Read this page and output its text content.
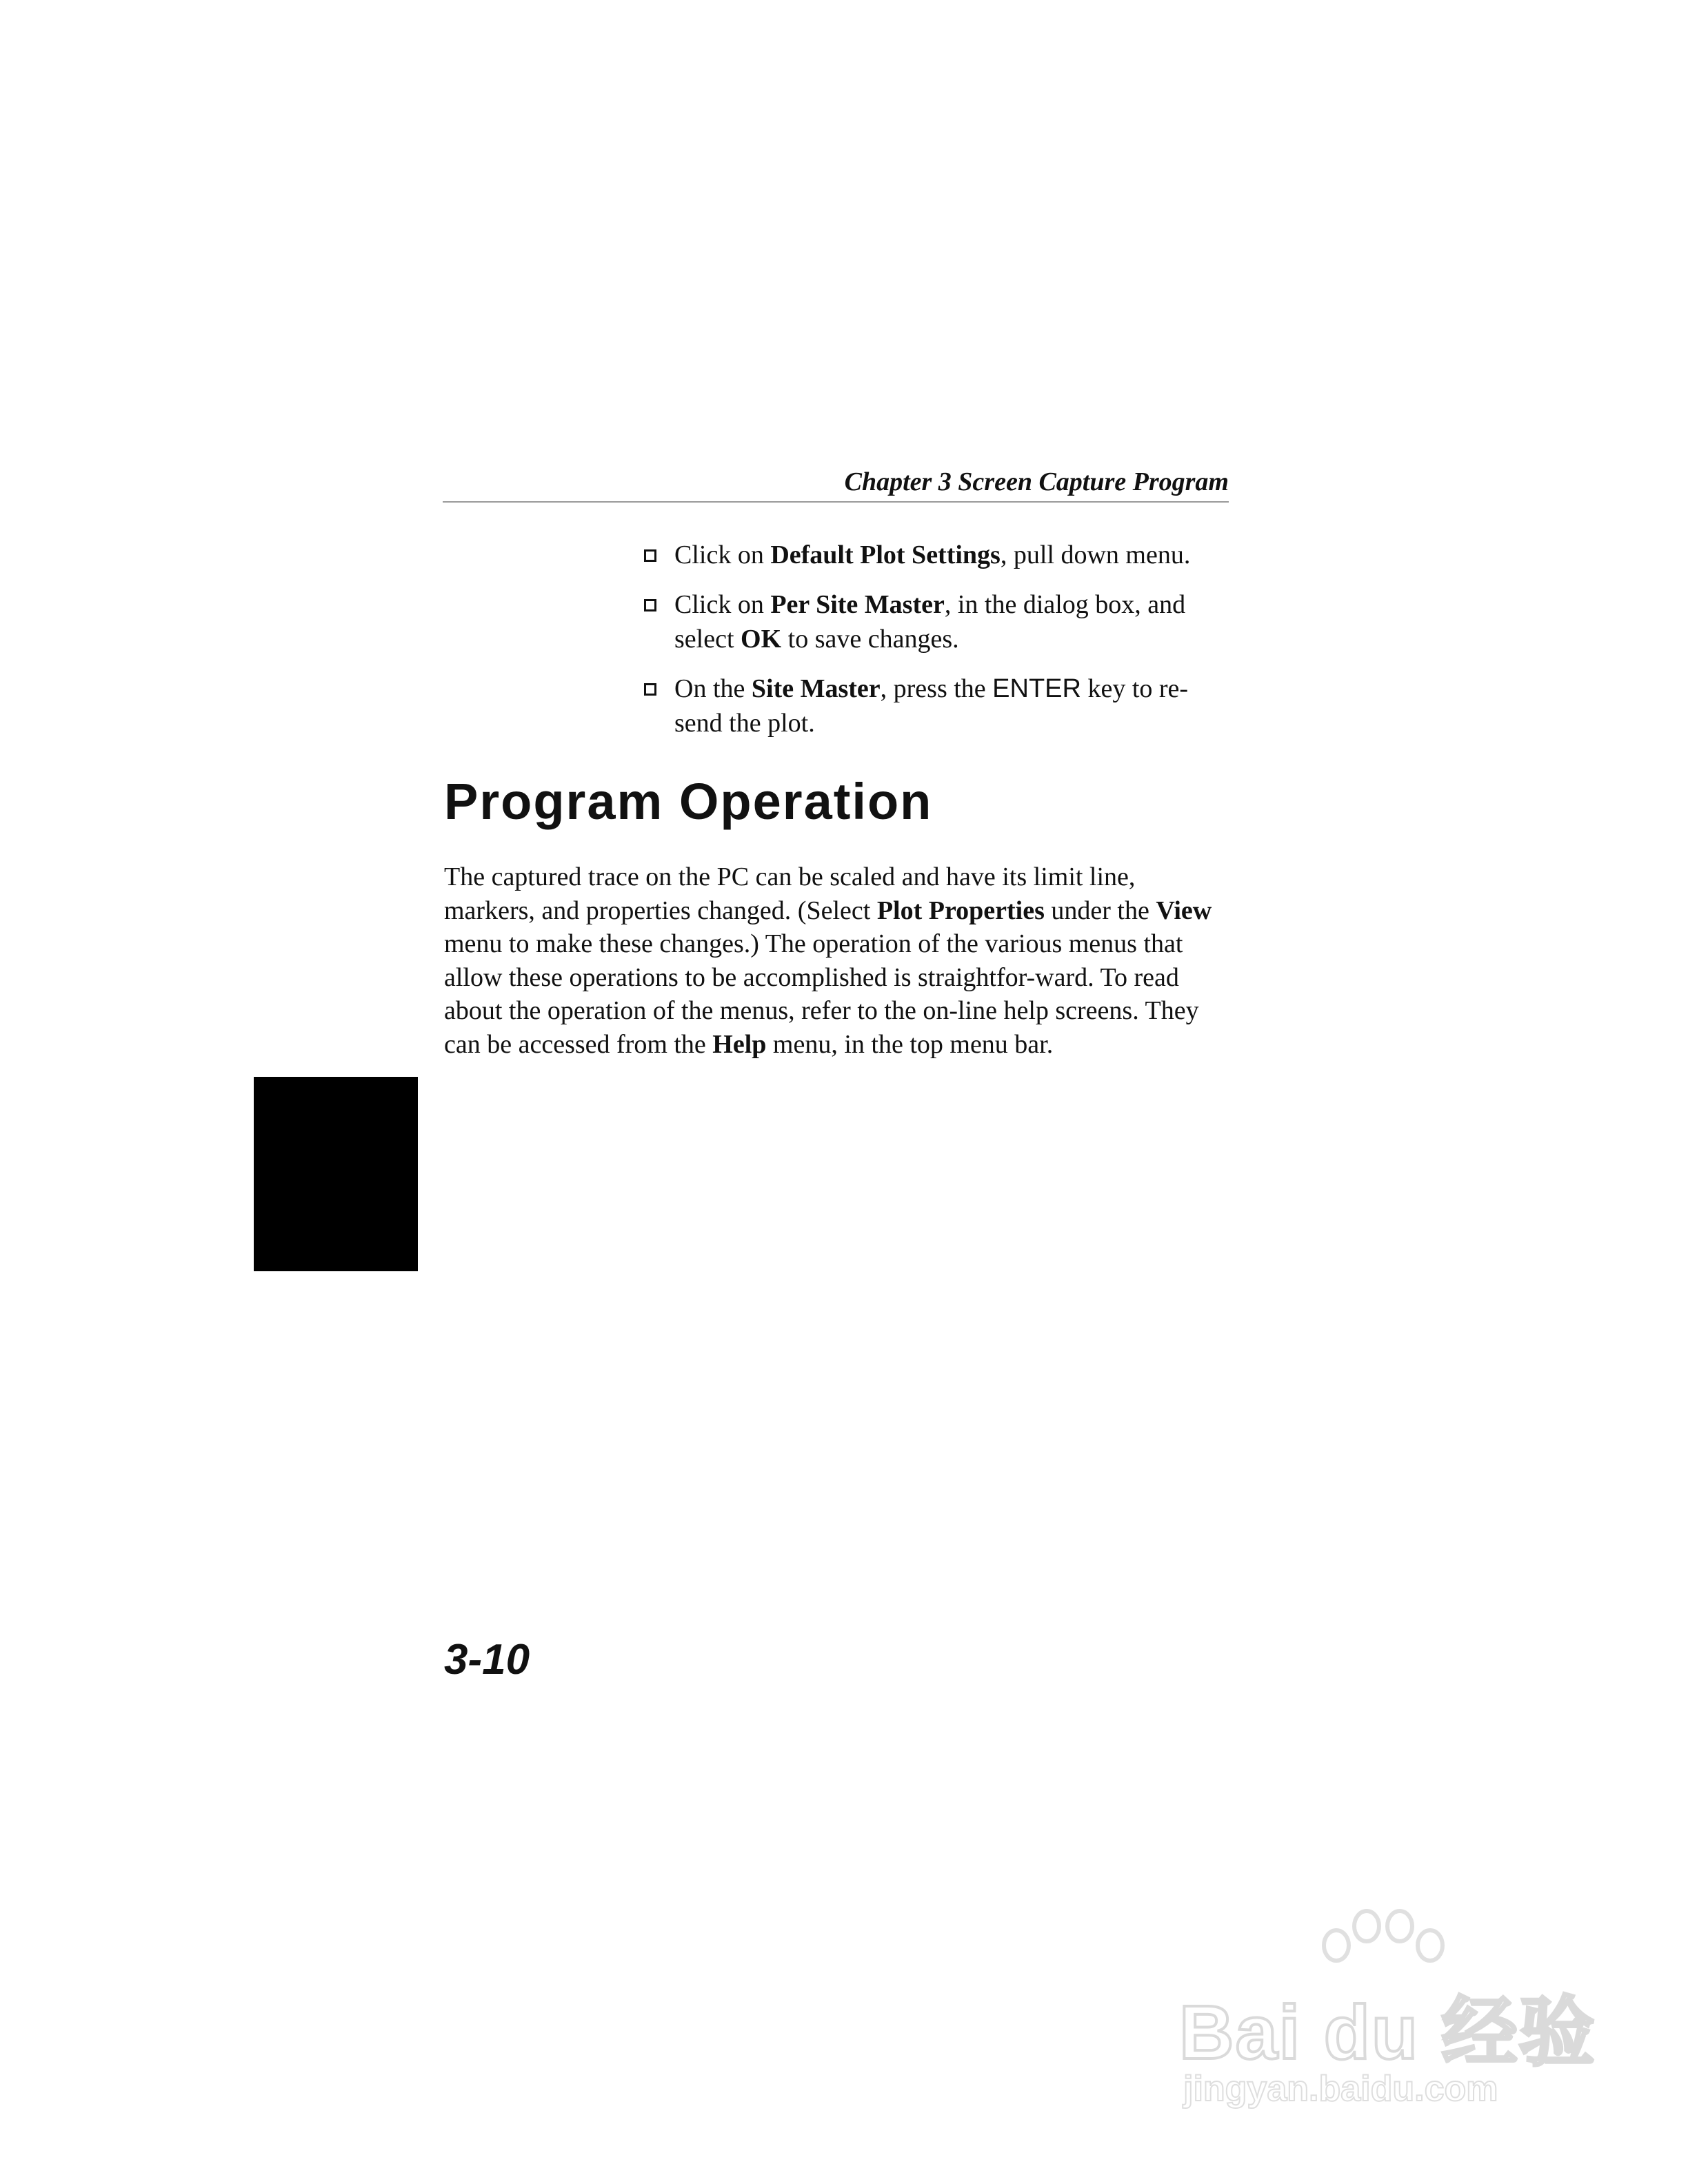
Chapter 3 Screen Capture Program
Click on Default Plot Settings, pull down menu.
Click on Per Site Master, in the dialog box, and select OK to save changes.
On the Site Master, press the ENTER key to re-send the plot.
Program Operation
The captured trace on the PC can be scaled and have its limit line, markers, and properties changed. (Select Plot Properties under the View menu to make these changes.) The operation of the various menus that allow these operations to be accomplished is straightfor-ward. To read about the operation of the menus, refer to the on-line help screens. They can be accessed from the Help menu, in the top menu bar.
3-10
Bai du 经验
jingyan.baidu.com
